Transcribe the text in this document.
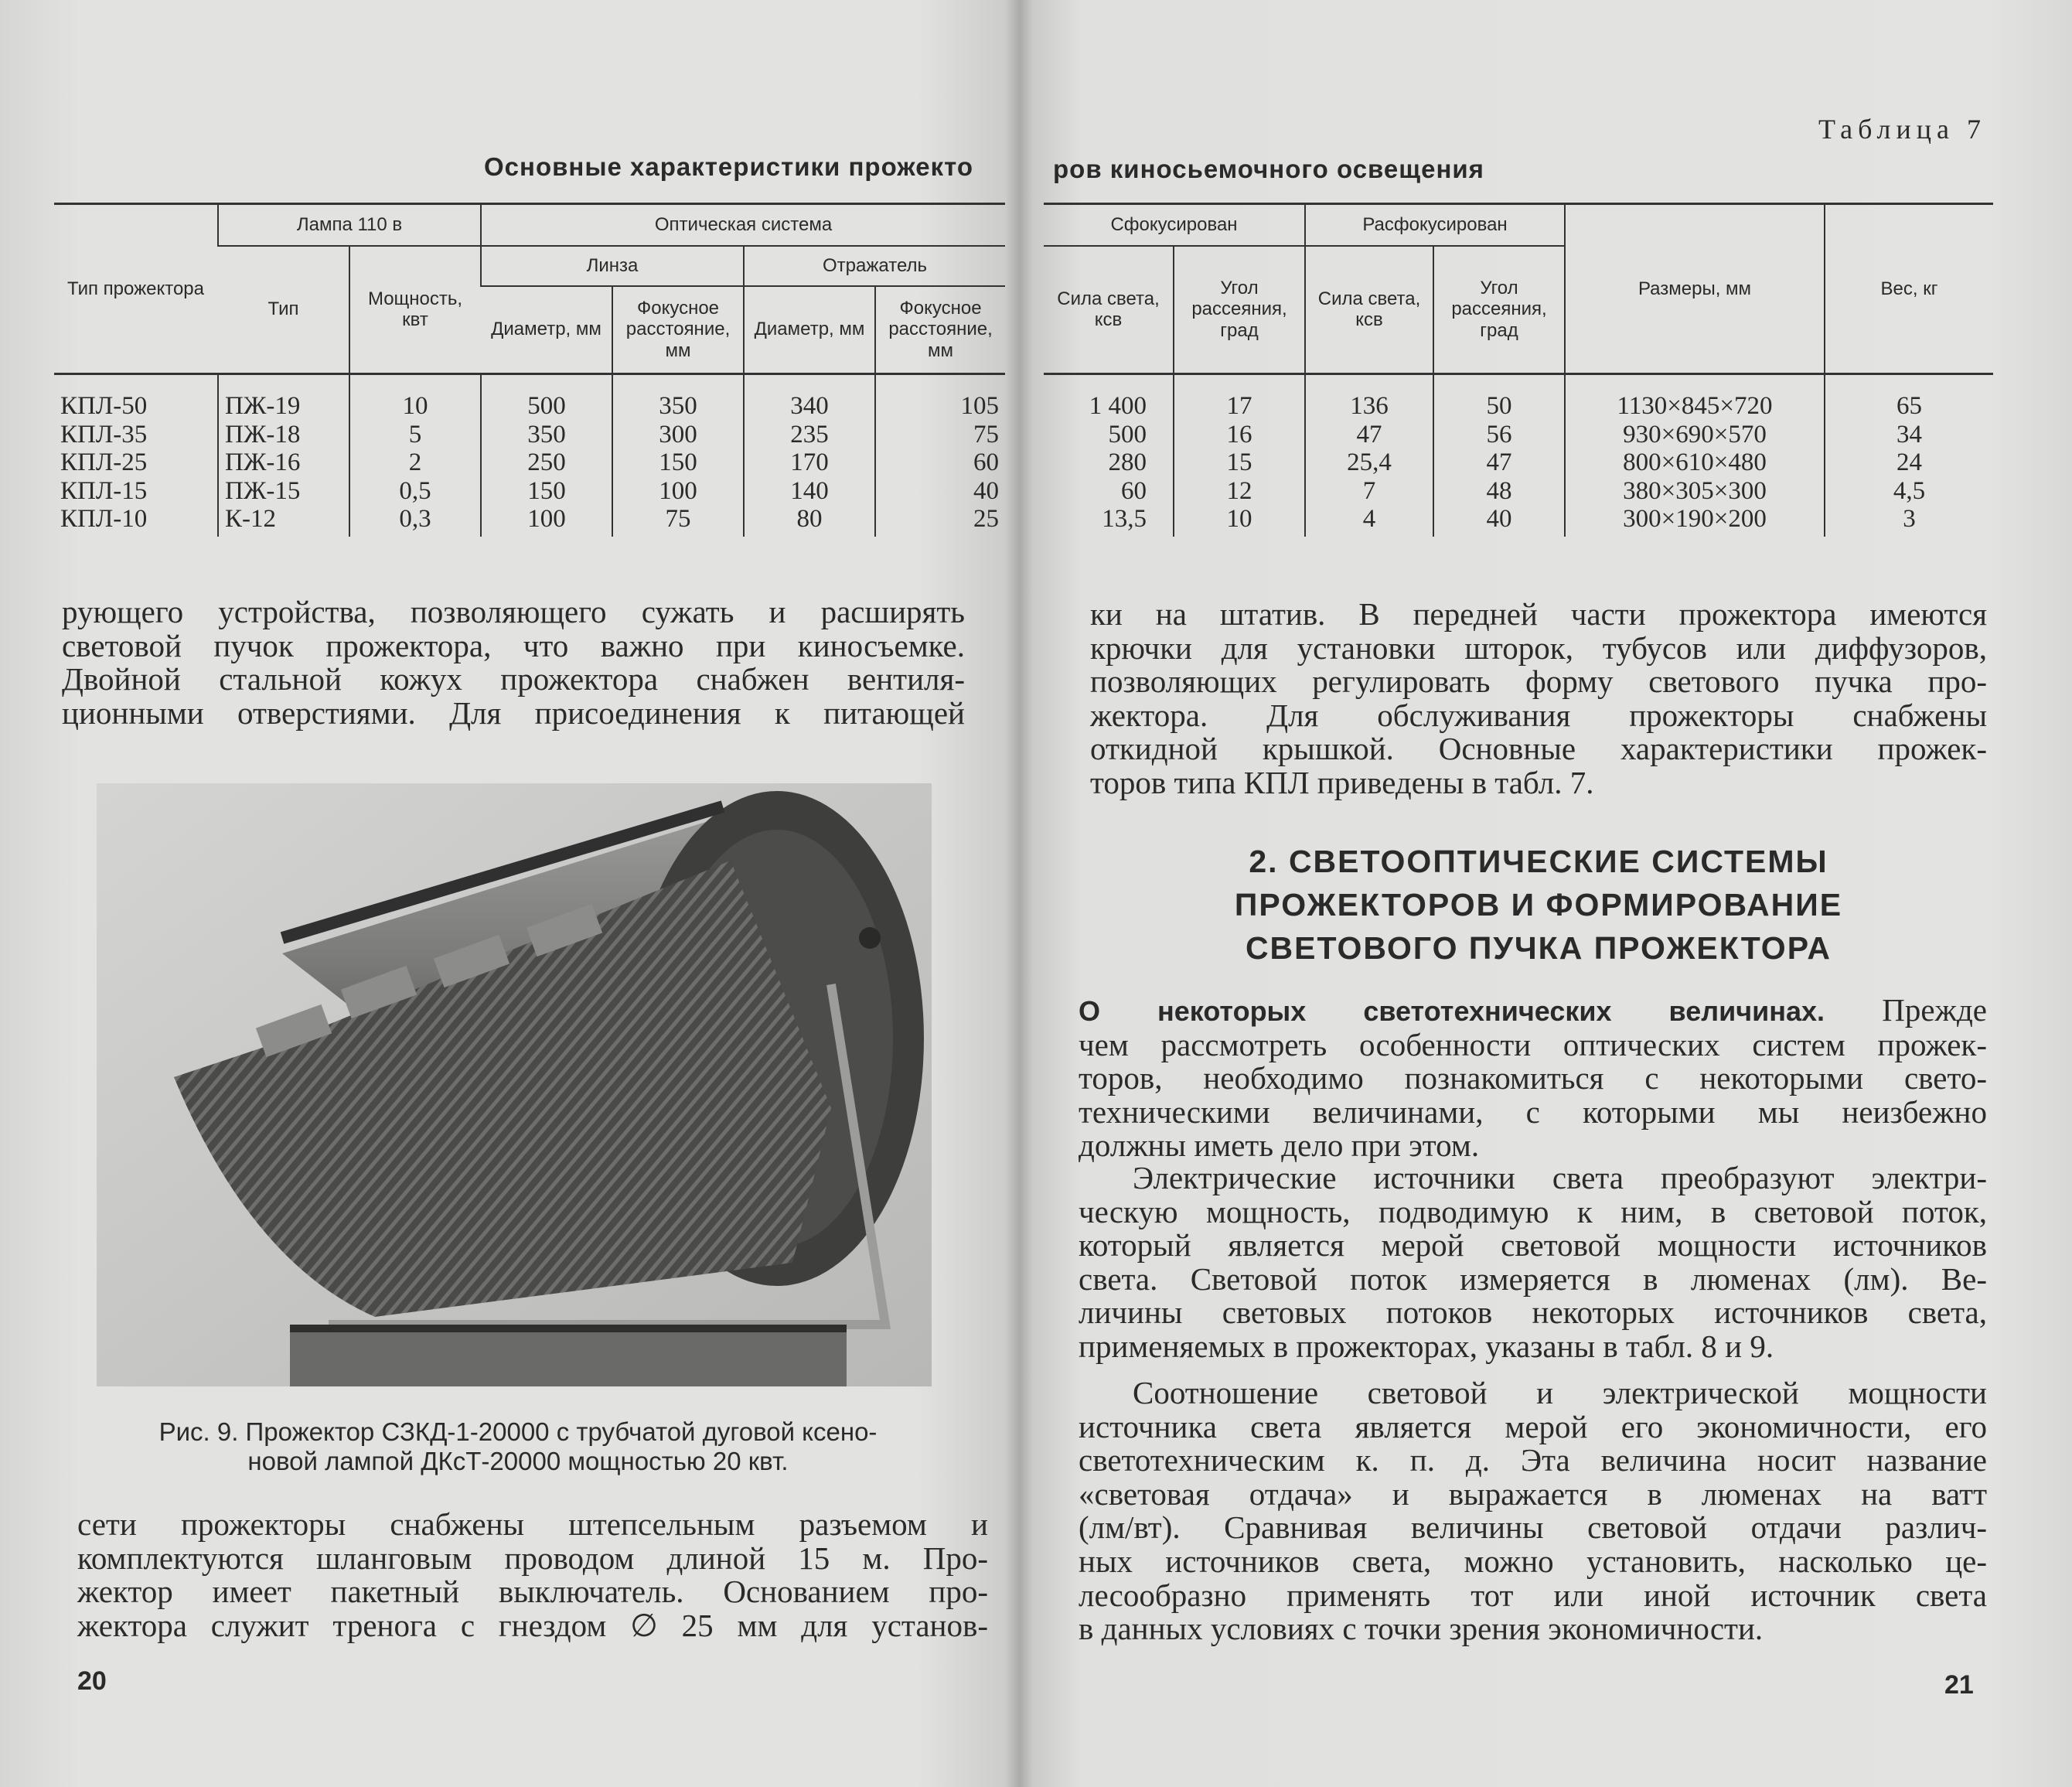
Таблица 7
Основные характеристики прожекто	ров киносьемочного освещения
Тип прожектора	Лампа 110 в		Оптическая система			
	Тип	Мощность, квт	Линза		Отражатель	
			Диаметр, мм	Фокусное расстояние, мм	Диаметр, мм	Фокусное расстояние, мм
КПЛ-50	ПЖ-19	10	500	350	340	105
КПЛ-35	ПЖ-18	5	350	300	235	75
КПЛ-25	ПЖ-16	2	250	150	170	60
КПЛ-15	ПЖ-15	0,5	150	100	140	40
КПЛ-10	К-12	0,3	100	75	80	25
Сфокусирован		Расфокусирован		Размеры, мм	Вес, кг
Сила света, ксв	Угол рассеяния, град	Сила света, ксв	Угол рассеяния, град		
1 400	17	136	50	1130×845×720	65
500	16	47	56	930×690×570	34
280	15	25,4	47	800×610×480	24
60	12	7	48	380×305×300	4,5
13,5	10	4	40	300×190×200	3

рующего устройства, позволяющего сужать и расширять

световой пучок прожектора, что важно при киносъемке.

Двойной стальной кожух прожектора снабжен вентиля-

ционными отверстиями. Для присоединения к питающей

Рис. 9. Прожектор СЗКД-1-20000 с трубчатой дуговой ксено-
новой лампой ДКсТ-20000 мощностью 20 квт.

сети прожекторы снабжены штепсельным разъемом и

комплектуются шланговым проводом длиной 15 м. Про-

жектор имеет пакетный выключатель. Основанием про-

жектора служит тренога с гнездом ∅ 25 мм для установ-

20

ки на штатив. В передней части прожектора имеются

крючки для установки шторок, тубусов или диффузоров,

позволяющих регулировать форму светового пучка про-

жектора. Для обслуживания прожекторы снабжены

откидной крышкой. Основные характеристики прожек-

торов типа КПЛ приведены в табл. 7.

2. СВЕТООПТИЧЕСКИЕ СИСТЕМЫ
ПРОЖЕКТОРОВ И ФОРМИРОВАНИЕ
СВЕТОВОГО ПУЧКА ПРОЖЕКТОРА

О некоторых светотехнических величинах. Прежде

чем рассмотреть особенности оптических систем прожек-

торов, необходимо познакомиться с некоторыми свето-

техническими величинами, с которыми мы неизбежно

должны иметь дело при этом.

Электрические источники света преобразуют электри-

ческую мощность, подводимую к ним, в световой поток,

который является мерой световой мощности источников

света. Световой поток измеряется в люменах (лм). Ве-

личины световых потоков некоторых источников света,

применяемых в прожекторах, указаны в табл. 8 и 9.

Соотношение световой и электрической мощности

источника света является мерой его экономичности, его

светотехническим к. п. д. Эта величина носит название

«световая отдача» и выражается в люменах на ватт

(лм/вт). Сравнивая величины световой отдачи различ-

ных источников света, можно установить, насколько це-

лесообразно применять тот или иной источник света

в данных условиях с точки зрения экономичности.

21
